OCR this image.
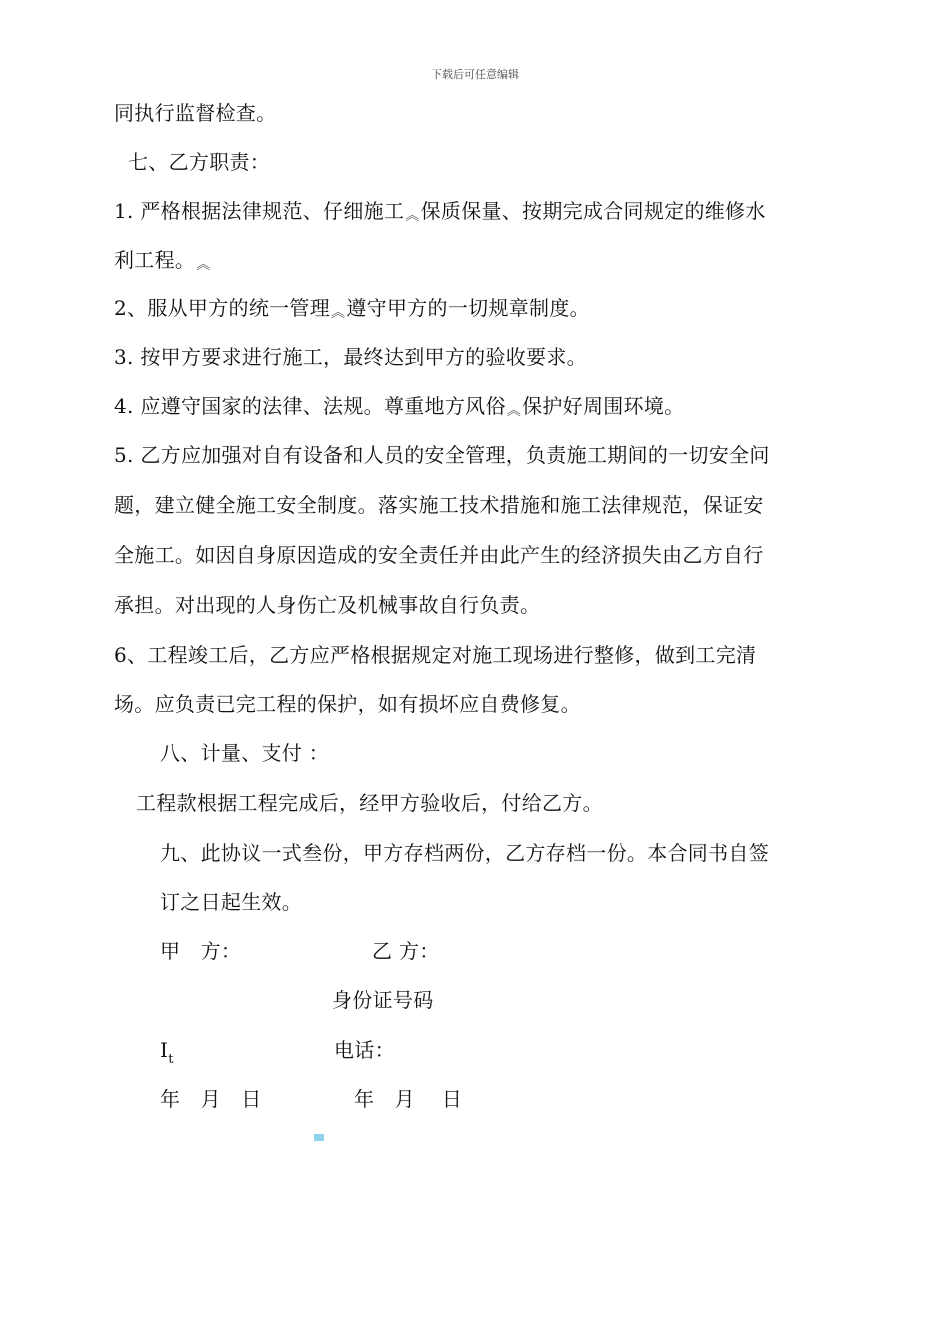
下载后可任意编辑
同执行监督检查。
七、乙方职责：
1. 严格根据法律规范、仔细施工︽保质保量、按期完成合同规定的维修水
利工程。︽
2、服从甲方的统一管理︽遵守甲方的一切规章制度。
3. 按甲方要求进行施工，最终达到甲方的验收要求。
4. 应遵守国家的法律、法规。尊重地方风俗︽保护好周围环境。
5. 乙方应加强对自有设备和人员的安全管理，负责施工期间的一切安全问
题，建立健全施工安全制度。落实施工技术措施和施工法律规范，保证安
全施工。如因自身原因造成的安全责任并由此产生的经济损失由乙方自行
承担。对出现的人身伤亡及机械事故自行负责。
6、工程竣工后，乙方应严格根据规定对施工现场进行整修，做到工完清
场。应负责已完工程的保护，如有损坏应自费修复。
八、计量、支付 ：
工程款根据工程完成后，经甲方验收后，付给乙方。
九、此协议一式叁份，甲方存档两份，乙方存档一份。本合同书自签
订之日起生效。
甲　方：	乙 方：
身份证号码
$I_t$	电话：
年　月　日	年　月　 日
